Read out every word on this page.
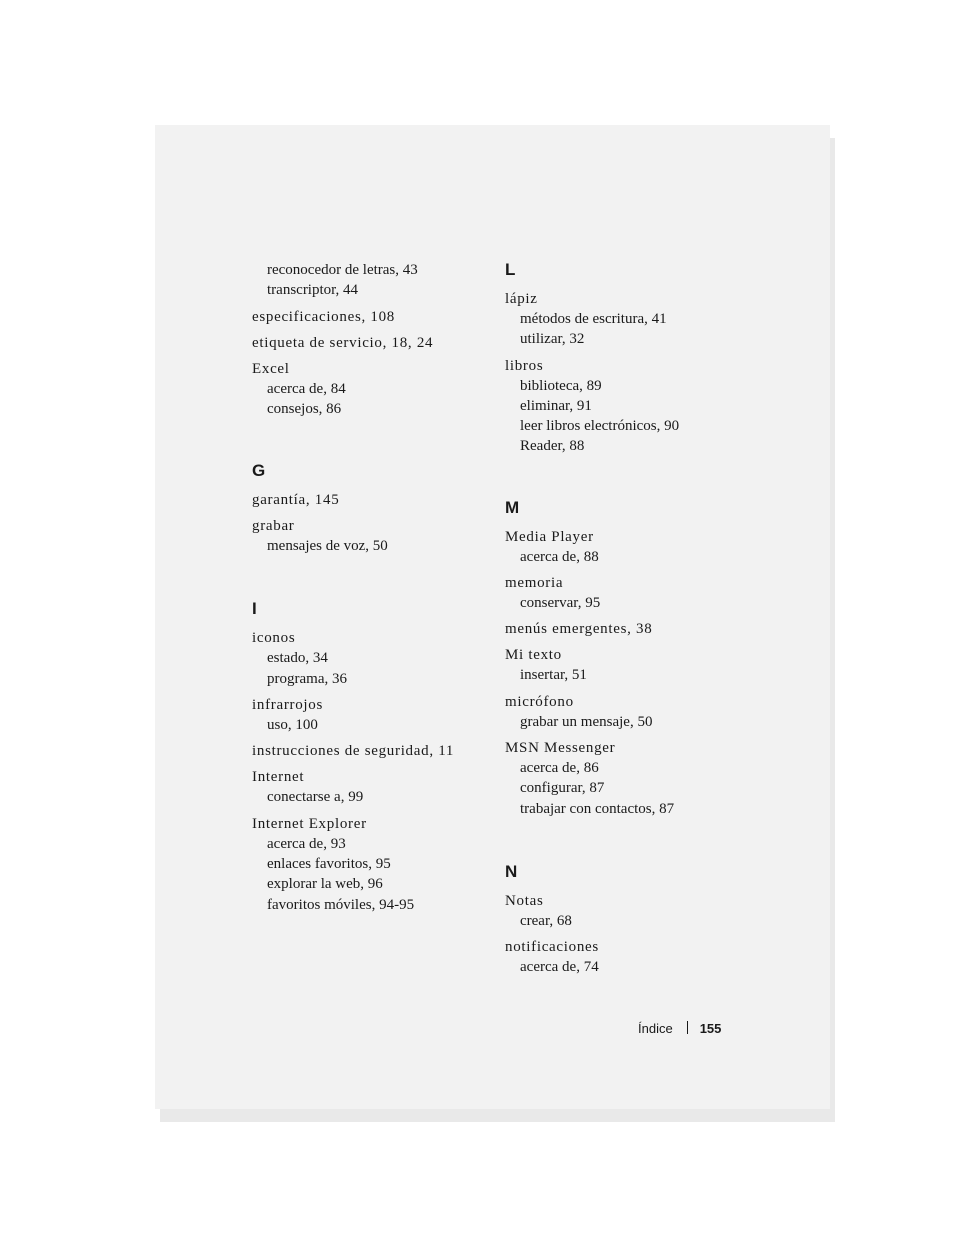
reconocedor de letras, 43
transcriptor, 44
especificaciones, 108
etiqueta de servicio, 18, 24
Excel
acerca de, 84
consejos, 86
G
garantía, 145
grabar
mensajes de voz, 50
I
iconos
estado, 34
programa, 36
infrarrojos
uso, 100
instrucciones de seguridad, 11
Internet
conectarse a, 99
Internet Explorer
acerca de, 93
enlaces favoritos, 95
explorar la web, 96
favoritos móviles, 94-95
L
lápiz
métodos de escritura, 41
utilizar, 32
libros
biblioteca, 89
eliminar, 91
leer libros electrónicos, 90
Reader, 88
M
Media Player
acerca de, 88
memoria
conservar, 95
menús emergentes, 38
Mi texto
insertar, 51
micrófono
grabar un mensaje, 50
MSN Messenger
acerca de, 86
configurar, 87
trabajar con contactos, 87
N
Notas
crear, 68
notificaciones
acerca de, 74
Índice 155
